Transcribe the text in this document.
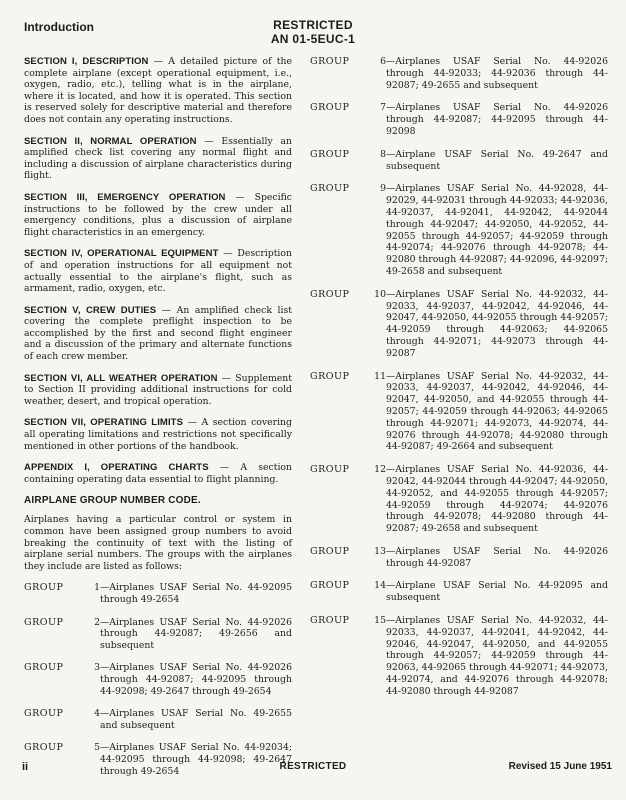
Introduction	RESTRICTED
AN 01-5EUC-1

SECTION I, DESCRIPTION — A detailed picture of the complete airplane (except operational equipment, i.e., oxygen, radio, etc.), telling what is in the airplane, where it is located, and how it is operated. This section is reserved solely for descriptive material and therefore does not contain any operating instructions.

SECTION II, NORMAL OPERATION — Essentially an amplified check list covering any normal flight and including a discussion of airplane characteristics during flight.

SECTION III, EMERGENCY OPERATION — Specific instructions to be followed by the crew under all emergency conditions, plus a discussion of airplane flight characteristics in an emergency.

SECTION IV, OPERATIONAL EQUIPMENT — Description of and operation instructions for all equipment not actually essential to the airplane's flight, such as armament, radio, oxygen, etc.

SECTION V, CREW DUTIES — An amplified check list covering the complete preflight inspection to be accomplished by the first and second flight engineer and a discussion of the primary and alternate functions of each crew member.

SECTION VI, ALL WEATHER OPERATION — Supplement to Section II providing additional instructions for cold weather, desert, and tropical operation.

SECTION VII, OPERATING LIMITS — A section covering all operating limitations and restrictions not specifically mentioned in other portions of the handbook.

APPENDIX I, OPERATING CHARTS — A section containing operating data essential to flight planning.

AIRPLANE GROUP NUMBER CODE.

Airplanes having a particular control or system in common have been assigned group numbers to avoid breaking the continuity of text with the listing of airplane serial numbers. The groups with the airplanes they include are listed as follows:

GROUP	1 —Airplanes USAF Serial No. 44-92095 through 49-2654
GROUP	2 —Airplanes USAF Serial No. 44-92026 through 44-92087; 49-2656 and subsequent
GROUP	3 —Airplanes USAF Serial No. 44-92026 through 44-92087; 44-92095 through 44-92098; 49-2647 through 49-2654
GROUP	4 —Airplanes USAF Serial No. 49-2655 and subsequent
GROUP	5 —Airplanes USAF Serial No. 44-92034; 44-92095 through 44-92098; 49-2647 through 49-2654
GROUP	6 —Airplanes USAF Serial No. 44-92026 through 44-92033; 44-92036 through 44-92087; 49-2655 and subsequent
GROUP	7 —Airplanes USAF Serial No. 44-92026 through 44-92087; 44-92095 through 44-92098
GROUP	8 —Airplane USAF Serial No. 49-2647 and subsequent
GROUP	9 —Airplanes USAF Serial No. 44-92028, 44-92029, 44-92031 through 44-92033; 44-92036, 44-92037, 44-92041, 44-92042, 44-92044 through 44-92047; 44-92050, 44-92052, 44-92055 through 44-92057; 44-92059 through 44-92074; 44-92076 through 44-92078; 44-92080 through 44-92087; 44-92096, 44-92097; 49-2658 and subsequent
GROUP	10 —Airplanes USAF Serial No. 44-92032, 44-92033, 44-92037, 44-92042, 44-92046, 44-92047, 44-92050, 44-92055 through 44-92057; 44-92059 through 44-92063; 44-92065 through 44-92071; 44-92073 through 44-92087
GROUP	11 —Airplanes USAF Serial No. 44-92032, 44-92033, 44-92037, 44-92042, 44-92046, 44-92047, 44-92050, and 44-92055 through 44-92057; 44-92059 through 44-92063; 44-92065 through 44-92071; 44-92073, 44-92074, 44-92076 through 44-92078; 44-92080 through 44-92087; 49-2664 and subsequent
GROUP	12 —Airplanes USAF Serial No. 44-92036, 44-92042, 44-92044 through 44-92047; 44-92050, 44-92052, and 44-92055 through 44-92057; 44-92059 through 44-92074; 44-92076 through 44-92078; 44-92080 through 44-92087; 49-2658 and subsequent
GROUP	13 —Airplanes USAF Serial No. 44-92026 through 44-92087
GROUP	14 —Airplane USAF Serial No. 44-92095 and subsequent
GROUP	15 —Airplanes USAF Serial No. 44-92032, 44-92033, 44-92037, 44-92041, 44-92042, 44-92046, 44-92047, 44-92050, and 44-92055 through 44-92057; 44-92059 through 44-92063, 44-92065 through 44-92071; 44-92073, 44-92074, and 44-92076 through 44-92078; 44-92080 through 44-92087
ii	RESTRICTED	Revised 15 June 1951
